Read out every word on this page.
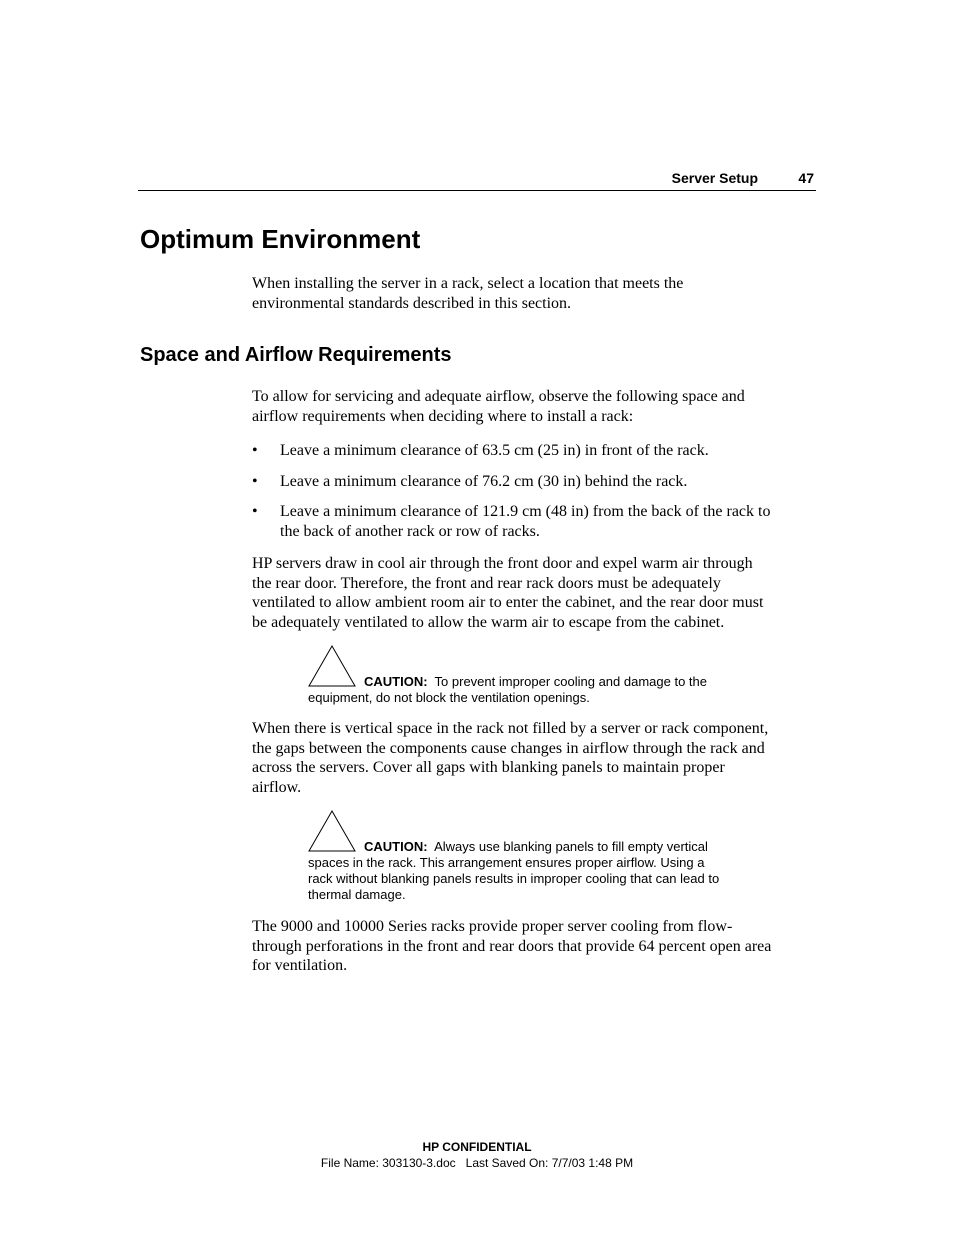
Server Setup	47
Optimum Environment
When installing the server in a rack, select a location that meets the
environmental standards described in this section.
Space and Airflow Requirements
To allow for servicing and adequate airflow, observe the following space and
airflow requirements when deciding where to install a rack:
• Leave a minimum clearance of 63.5 cm (25 in) in front of the rack.
• Leave a minimum clearance of 76.2 cm (30 in) behind the rack.
• Leave a minimum clearance of 121.9 cm (48 in) from the back of the rack to
the back of another rack or row of racks.
HP servers draw in cool air through the front door and expel warm air through
the rear door. Therefore, the front and rear rack doors must be adequately
ventilated to allow ambient room air to enter the cabinet, and the rear door must
be adequately ventilated to allow the warm air to escape from the cabinet.
CAUTION: To prevent improper cooling and damage to the
equipment, do not block the ventilation openings.
When there is vertical space in the rack not filled by a server or rack component,
the gaps between the components cause changes in airflow through the rack and
across the servers. Cover all gaps with blanking panels to maintain proper
airflow.
CAUTION: Always use blanking panels to fill empty vertical
spaces in the rack. This arrangement ensures proper airflow. Using a
rack without blanking panels results in improper cooling that can lead to
thermal damage.
The 9000 and 10000 Series racks provide proper server cooling from flow-
through perforations in the front and rear doors that provide 64 percent open area
for ventilation.
HP CONFIDENTIAL
File Name: 303130-3.doc   Last Saved On: 7/7/03 1:48 PM
